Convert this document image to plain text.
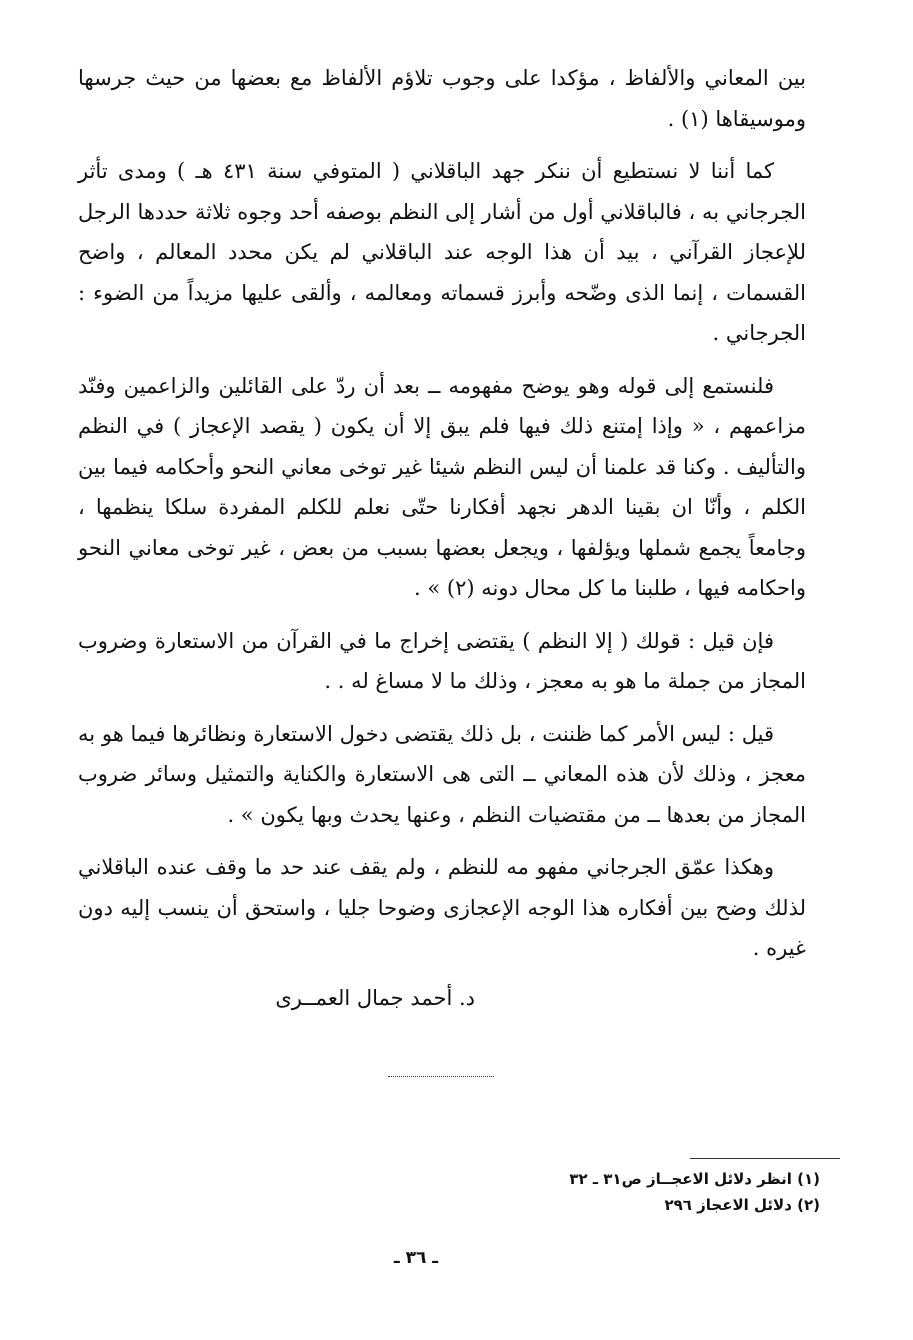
بين المعاني والألفاظ ، مؤكدا على وجوب تلاؤم الألفاظ مع بعضها من حيث جرسها وموسيقاها (١) .

كما أننا لا نستطيع أن ننكر جهد الباقلاني ( المتوفي سنة ٤٣١ هـ ) ومدى تأثر الجرجاني به ، فالباقلاني أول من أشار إلى النظم بوصفه أحد وجوه ثلاثة حددها الرجل للإعجاز القرآني ، بيد أن هذا الوجه عند الباقلاني لم يكن محدد المعالم ، واضح القسمات ، إنما الذى وضّحه وأبرز قسماته ومعالمه ، وألقى عليها مزيداً من الضوء : الجرجاني .

فلنستمع إلى قوله وهو يوضح مفهومه ــ بعد أن ردّ على القائلين والزاعمين وفنّد مزاعمهم ، « وإذا إمتنع ذلك فيها فلم يبق إلا أن يكون ( يقصد الإعجاز ) في النظم والتأليف . وكنا قد علمنا أن ليس النظم شيئا غير توخى معاني النحو وأحكامه فيما بين الكلم ، وأنّا ان بقينا الدهر نجهد أفكارنا حتّى نعلم للكلم المفردة سلكا ينظمها ، وجامعاً يجمع شملها ويؤلفها ، ويجعل بعضها بسبب من بعض ، غير توخى معاني النحو واحكامه فيها ، طلبنا ما كل محال دونه (٢) » .

فإن قيل : قولك ( إلا النظم ) يقتضى إخراج ما في القرآن من الاستعارة وضروب المجاز من جملة ما هو به معجز ، وذلك ما لا مساغ له . .

قيل : ليس الأمر كما ظننت ، بل ذلك يقتضى دخول الاستعارة ونظائرها فيما هو به معجز ، وذلك لأن هذه المعاني ــ التى هى الاستعارة والكناية والتمثيل وسائر ضروب المجاز من بعدها ــ من مقتضيات النظم ، وعنها يحدث وبها يكون » .

وهكذا عمّق الجرجاني مفهو مه للنظم ، ولم يقف عند حد ما وقف عنده الباقلاني لذلك وضح بين أفكاره هذا الوجه الإعجازى وضوحا جليا ، واستحق أن ينسب إليه دون غيره .

د. أحمد جمال العمــرى
(١) انظر دلائل الاعجــاز ص٣١ ـ ٣٢
(٢) دلائل الاعجاز ٢٩٦
ـ ٣٦ ـ
